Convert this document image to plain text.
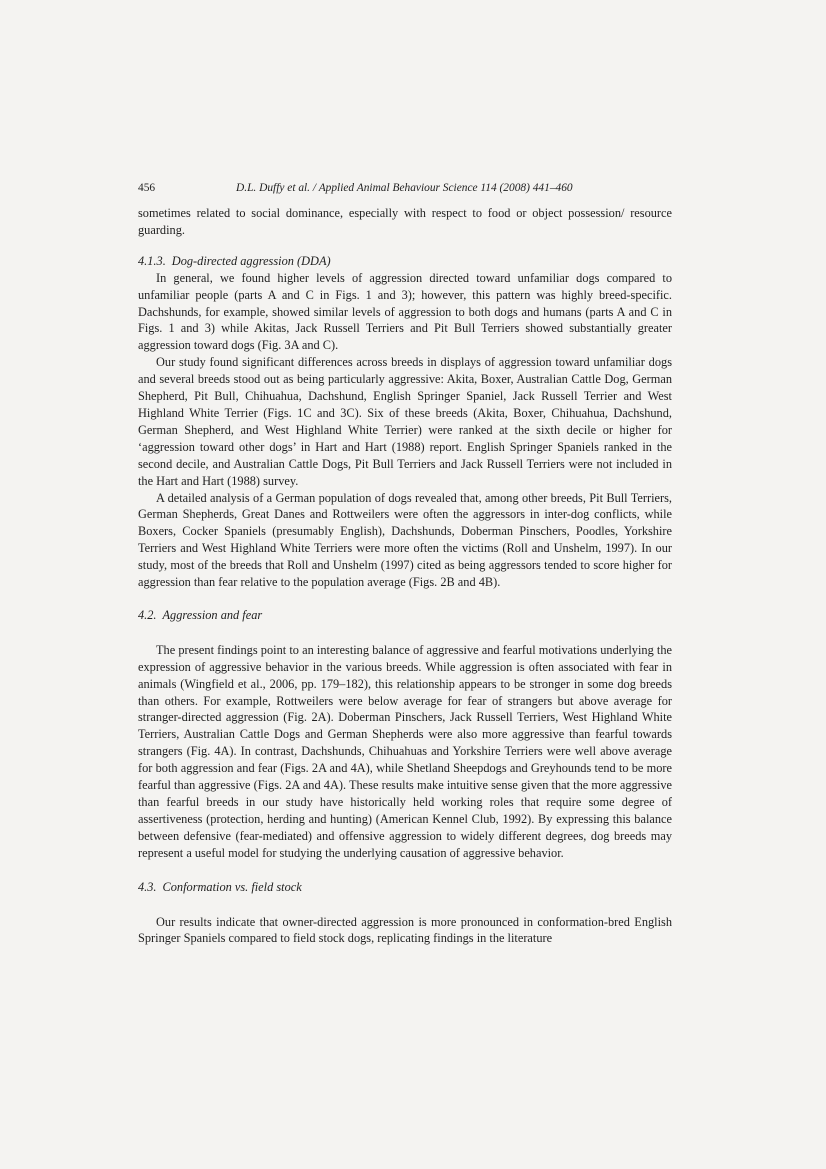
456	D.L. Duffy et al. / Applied Animal Behaviour Science 114 (2008) 441–460

sometimes related to social dominance, especially with respect to food or object possession/ resource guarding.

4.1.3. Dog-directed aggression (DDA)

In general, we found higher levels of aggression directed toward unfamiliar dogs compared to unfamiliar people (parts A and C in Figs. 1 and 3); however, this pattern was highly breed-specific. Dachshunds, for example, showed similar levels of aggression to both dogs and humans (parts A and C in Figs. 1 and 3) while Akitas, Jack Russell Terriers and Pit Bull Terriers showed substantially greater aggression toward dogs (Fig. 3A and C).

Our study found significant differences across breeds in displays of aggression toward unfamiliar dogs and several breeds stood out as being particularly aggressive: Akita, Boxer, Australian Cattle Dog, German Shepherd, Pit Bull, Chihuahua, Dachshund, English Springer Spaniel, Jack Russell Terrier and West Highland White Terrier (Figs. 1C and 3C). Six of these breeds (Akita, Boxer, Chihuahua, Dachshund, German Shepherd, and West Highland White Terrier) were ranked at the sixth decile or higher for ‘aggression toward other dogs’ in Hart and Hart (1988) report. English Springer Spaniels ranked in the second decile, and Australian Cattle Dogs, Pit Bull Terriers and Jack Russell Terriers were not included in the Hart and Hart (1988) survey.

A detailed analysis of a German population of dogs revealed that, among other breeds, Pit Bull Terriers, German Shepherds, Great Danes and Rottweilers were often the aggressors in inter-dog conflicts, while Boxers, Cocker Spaniels (presumably English), Dachshunds, Doberman Pinschers, Poodles, Yorkshire Terriers and West Highland White Terriers were more often the victims (Roll and Unshelm, 1997). In our study, most of the breeds that Roll and Unshelm (1997) cited as being aggressors tended to score higher for aggression than fear relative to the population average (Figs. 2B and 4B).

4.2. Aggression and fear

The present findings point to an interesting balance of aggressive and fearful motivations underlying the expression of aggressive behavior in the various breeds. While aggression is often associated with fear in animals (Wingfield et al., 2006, pp. 179–182), this relationship appears to be stronger in some dog breeds than others. For example, Rottweilers were below average for fear of strangers but above average for stranger-directed aggression (Fig. 2A). Doberman Pinschers, Jack Russell Terriers, West Highland White Terriers, Australian Cattle Dogs and German Shepherds were also more aggressive than fearful towards strangers (Fig. 4A). In contrast, Dachshunds, Chihuahuas and Yorkshire Terriers were well above average for both aggression and fear (Figs. 2A and 4A), while Shetland Sheepdogs and Greyhounds tend to be more fearful than aggressive (Figs. 2A and 4A). These results make intuitive sense given that the more aggressive than fearful breeds in our study have historically held working roles that require some degree of assertiveness (protection, herding and hunting) (American Kennel Club, 1992). By expressing this balance between defensive (fear-mediated) and offensive aggression to widely different degrees, dog breeds may represent a useful model for studying the underlying causation of aggressive behavior.

4.3. Conformation vs. field stock

Our results indicate that owner-directed aggression is more pronounced in conformation-bred English Springer Spaniels compared to field stock dogs, replicating findings in the literature
